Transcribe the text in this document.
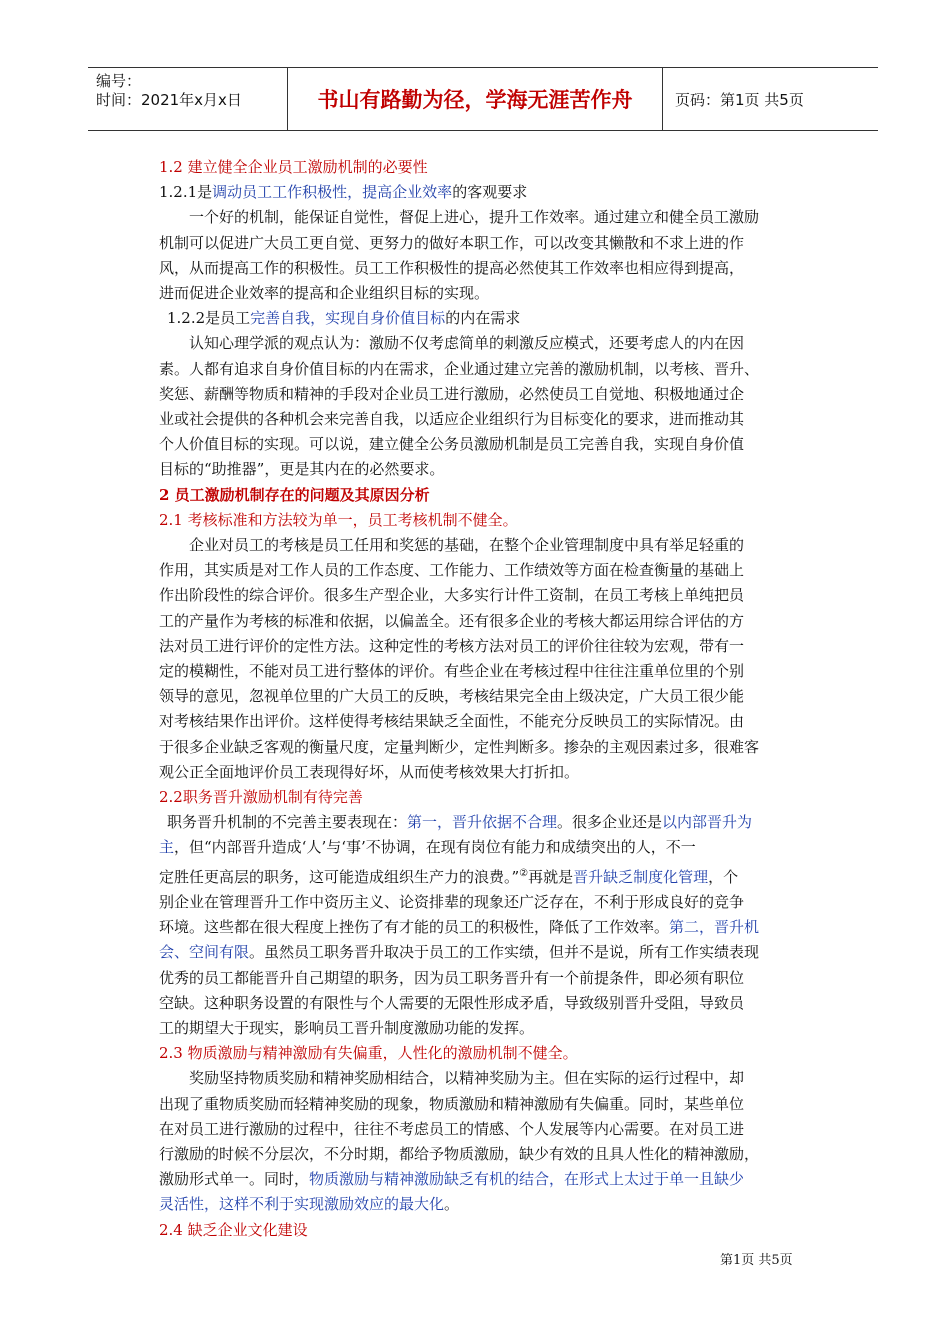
编号：
时间：2021年x月x日	书山有路勤为径，学海无涯苦作舟	页码：第1页 共5页
1.2 建立健全企业员工激励机制的必要性
1.2.1是调动员工工作积极性，提高企业效率的客观要求
一个好的机制，能保证自觉性，督促上进心，提升工作效率。通过建立和健全员工激励
机制可以促进广大员工更自觉、更努力的做好本职工作，可以改变其懒散和不求上进的作
风，从而提高工作的积极性。员工工作积极性的提高必然使其工作效率也相应得到提高，
进而促进企业效率的提高和企业组织目标的实现。
1.2.2是员工完善自我，实现自身价值目标的内在需求
认知心理学派的观点认为：激励不仅考虑简单的刺激反应模式，还要考虑人的内在因
素。人都有追求自身价值目标的内在需求，企业通过建立完善的激励机制，以考核、晋升、
奖惩、薪酬等物质和精神的手段对企业员工进行激励，必然使员工自觉地、积极地通过企
业或社会提供的各种机会来完善自我，以适应企业组织行为目标变化的要求，进而推动其
个人价值目标的实现。可以说，建立健全公务员激励机制是员工完善自我，实现自身价值
目标的“助推器”，更是其内在的必然要求。
2 员工激励机制存在的问题及其原因分析
2.1 考核标准和方法较为单一，员工考核机制不健全。
企业对员工的考核是员工任用和奖惩的基础，在整个企业管理制度中具有举足轻重的
作用，其实质是对工作人员的工作态度、工作能力、工作绩效等方面在检查衡量的基础上
作出阶段性的综合评价。很多生产型企业，大多实行计件工资制，在员工考核上单纯把员
工的产量作为考核的标准和依据，以偏盖全。还有很多企业的考核大都运用综合评估的方
法对员工进行评价的定性方法。这种定性的考核方法对员工的评价往往较为宏观，带有一
定的模糊性，不能对员工进行整体的评价。有些企业在考核过程中往往注重单位里的个别
领导的意见，忽视单位里的广大员工的反映，考核结果完全由上级决定，广大员工很少能
对考核结果作出评价。这样使得考核结果缺乏全面性，不能充分反映员工的实际情况。由
于很多企业缺乏客观的衡量尺度，定量判断少，定性判断多。掺杂的主观因素过多，很难客
观公正全面地评价员工表现得好坏，从而使考核效果大打折扣。
2.2职务晋升激励机制有待完善
职务晋升机制的不完善主要表现在：第一，晋升依据不合理。很多企业还是以内部晋升为
主，但“内部晋升造成‘人’与‘事’不协调，在现有岗位有能力和成绩突出的人，不一
定胜任更高层的职务，这可能造成组织生产力的浪费。”②再就是晋升缺乏制度化管理，个
别企业在管理晋升工作中资历主义、论资排辈的现象还广泛存在，不利于形成良好的竞争
环境。这些都在很大程度上挫伤了有才能的员工的积极性，降低了工作效率。第二，晋升机
会、空间有限。虽然员工职务晋升取决于员工的工作实绩，但并不是说，所有工作实绩表现
优秀的员工都能晋升自己期望的职务，因为员工职务晋升有一个前提条件，即必须有职位
空缺。这种职务设置的有限性与个人需要的无限性形成矛盾，导致级别晋升受阻，导致员
工的期望大于现实，影响员工晋升制度激励功能的发挥。
2.3 物质激励与精神激励有失偏重，人性化的激励机制不健全。
奖励坚持物质奖励和精神奖励相结合，以精神奖励为主。但在实际的运行过程中，却
出现了重物质奖励而轻精神奖励的现象，物质激励和精神激励有失偏重。同时，某些单位
在对员工进行激励的过程中，往往不考虑员工的情感、个人发展等内心需要。在对员工进
行激励的时候不分层次，不分时期，都给予物质激励，缺少有效的且具人性化的精神激励，
激励形式单一。同时，物质激励与精神激励缺乏有机的结合，在形式上太过于单一且缺少
灵活性，这样不利于实现激励效应的最大化。
2.4 缺乏企业文化建设
第1页 共5页
